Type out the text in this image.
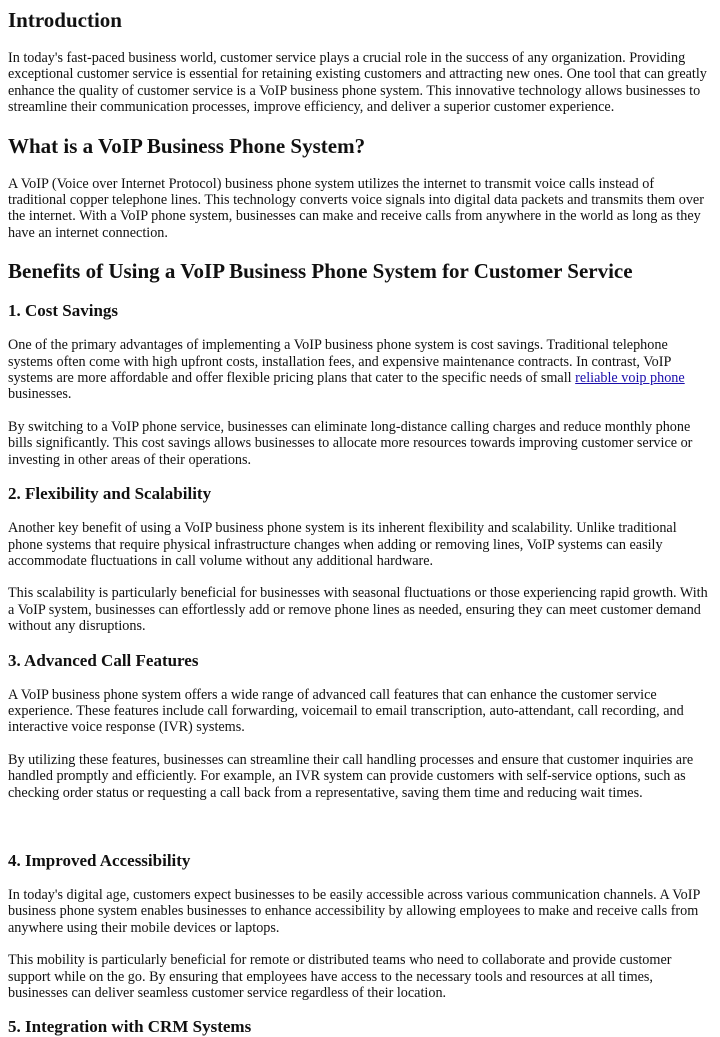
Introduction

In today's fast-paced business world, customer service plays a crucial role in the success of any organization. Providing exceptional customer service is essential for retaining existing customers and attracting new ones. One tool that can greatly enhance the quality of customer service is a VoIP business phone system. This innovative technology allows businesses to streamline their communication processes, improve efficiency, and deliver a superior customer experience.

What is a VoIP Business Phone System?

A VoIP (Voice over Internet Protocol) business phone system utilizes the internet to transmit voice calls instead of traditional copper telephone lines. This technology converts voice signals into digital data packets and transmits them over the internet. With a VoIP phone system, businesses can make and receive calls from anywhere in the world as long as they have an internet connection.

Benefits of Using a VoIP Business Phone System for Customer Service
1. Cost Savings

One of the primary advantages of implementing a VoIP business phone system is cost savings. Traditional telephone systems often come with high upfront costs, installation fees, and expensive maintenance contracts. In contrast, VoIP systems are more affordable and offer flexible pricing plans that cater to the specific needs of small reliable voip phone businesses.

By switching to a VoIP phone service, businesses can eliminate long-distance calling charges and reduce monthly phone bills significantly. This cost savings allows businesses to allocate more resources towards improving customer service or investing in other areas of their operations.

2. Flexibility and Scalability

Another key benefit of using a VoIP business phone system is its inherent flexibility and scalability. Unlike traditional phone systems that require physical infrastructure changes when adding or removing lines, VoIP systems can easily accommodate fluctuations in call volume without any additional hardware.

This scalability is particularly beneficial for businesses with seasonal fluctuations or those experiencing rapid growth. With a VoIP system, businesses can effortlessly add or remove phone lines as needed, ensuring they can meet customer demand without any disruptions.

3. Advanced Call Features

A VoIP business phone system offers a wide range of advanced call features that can enhance the customer service experience. These features include call forwarding, voicemail to email transcription, auto-attendant, call recording, and interactive voice response (IVR) systems.

By utilizing these features, businesses can streamline their call handling processes and ensure that customer inquiries are handled promptly and efficiently. For example, an IVR system can provide customers with self-service options, such as checking order status or requesting a call back from a representative, saving them time and reducing wait times.

4. Improved Accessibility

In today's digital age, customers expect businesses to be easily accessible across various communication channels. A VoIP business phone system enables businesses to enhance accessibility by allowing employees to make and receive calls from anywhere using their mobile devices or laptops.

This mobility is particularly beneficial for remote or distributed teams who need to collaborate and provide customer support while on the go. By ensuring that employees have access to the necessary tools and resources at all times, businesses can deliver seamless customer service regardless of their location.

5. Integration with CRM Systems
